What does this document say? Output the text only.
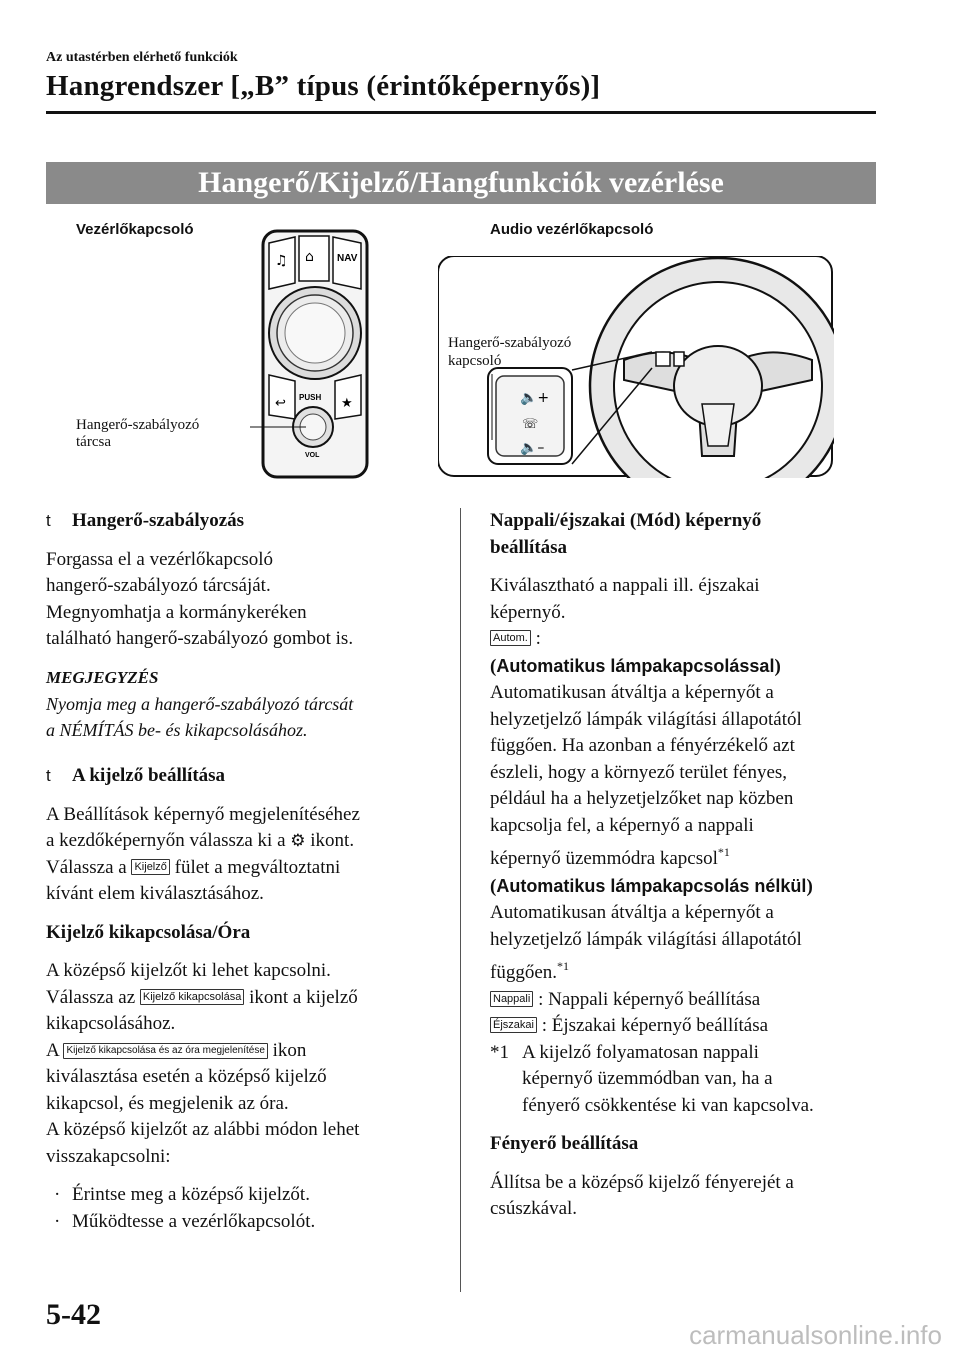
Az utastérben elérhető funkciók
Hangrendszer [„B” típus (érintőképernyős)]
Hangerő/Kijelző/Hangfunkciók vezérlése
Vezérlőkapcsoló	Audio vezérlőkapcsoló
♫ ⌂ NAV
↩	★
PUSH
VOL
Hangerő-szabályozó
tárcsa
🔈+
☏
🔈–
Hangerő-szabályozó
kapcsoló

t Hangerő-szabályozás

Forgassa el a vezérlőkapcsoló

hangerő-szabályozó tárcsáját.

Megnyomhatja a kormánykeréken

található hangerő-szabályozó gombot is.

MEGJEGYZÉS

Nyomja meg a hangerő-szabályozó tárcsát

a NÉMÍTÁS be- és kikapcsolásához.

t A kijelző beállítása

A Beállítások képernyő megjelenítéséhez

a kezdőképernyőn válassza ki a ⚙ ikont.

Válassza a Kijelző fület a megváltoztatni

kívánt elem kiválasztásához.

Kijelző kikapcsolása/Óra

A középső kijelzőt ki lehet kapcsolni.

Válassza az Kijelző kikapcsolása ikont a kijelző

kikapcsolásához.

A Kijelző kikapcsolása és az óra megjelenítése ikon

kiválasztása esetén a középső kijelző

kikapcsol, és megjelenik az óra.

A középső kijelzőt az alábbi módon lehet

visszakapcsolni:

· Érintse meg a középső kijelzőt.

· Működtesse a vezérlőkapcsolót.

Nappali/éjszakai (Mód) képernyő

beállítása

Kiválasztható a nappali ill. éjszakai

képernyő.

Autom. :

(Automatikus lámpakapcsolással)

Automatikusan átváltja a képernyőt a

helyzetjelző lámpák világítási állapotától

függően. Ha azonban a fényérzékelő azt

észleli, hogy a környező terület fényes,

például ha a helyzetjelzőket nap közben

kapcsolja fel, a képernyő a nappali

képernyő üzemmódra kapcsol$^{*1}$

(Automatikus lámpakapcsolás nélkül)

Automatikusan átváltja a képernyőt a

helyzetjelző lámpák világítási állapotától

függően.$^{*1}$

Nappali : Nappali képernyő beállítása

Éjszakai : Éjszakai képernyő beállítása

*1 A kijelző folyamatosan nappali

képernyő üzemmódban van, ha a

fényerő csökkentése ki van kapcsolva.

Fényerő beállítása

Állítsa be a középső kijelző fényerejét a

csúszkával.

5-42
carmanualsonline.info
